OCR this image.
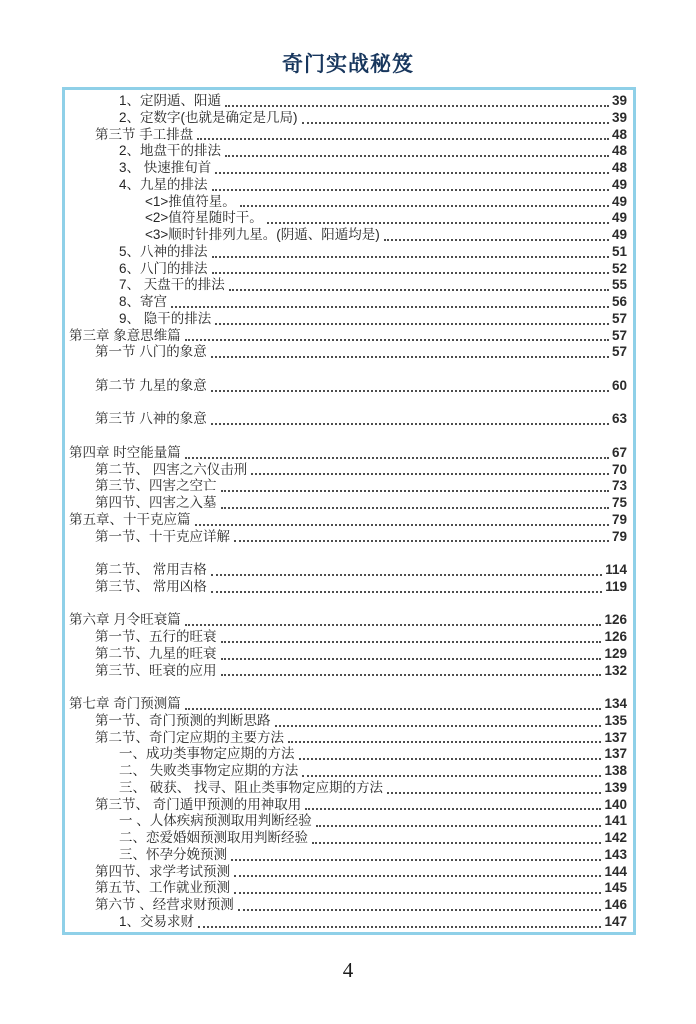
奇门实战秘笈
1、定阴遁、阳遁	39
2、定数字(也就是确定是几局)	39
第三节 手工排盘	48
2、地盘干的排法	48
3、 快速推旬首	48
4、九星的排法	49
<1>推值符星。	49
<2>值符星随时干。	49
<3>顺时针排列九星。(阴遁、阳遁均是)	49
5、八神的排法	51
6、八门的排法	52
7、 天盘干的排法	55
8、寄宫	56
9、 隐干的排法	57
第三章 象意思维篇	57
第一节 八门的象意	57
第二节 九星的象意	60
第三节 八神的象意	63
第四章 时空能量篇	67
第二节、 四害之六仪击刑	70
第三节、四害之空亡	73
第四节、四害之入墓	75
第五章、十干克应篇	79
第一节、十干克应详解	79
第二节、 常用吉格	114
第三节、 常用凶格	119
第六章 月令旺衰篇	126
第一节、五行的旺衰	126
第二节、九星的旺衰	129
第三节、旺衰的应用	132
第七章 奇门预测篇	134
第一节、奇门预测的判断思路	135
第二节、奇门定应期的主要方法	137
一、成功类事物定应期的方法	137
二、 失败类事物定应期的方法	138
三、 破获、 找寻、阻止类事物定应期的方法	139
第三节、 奇门遁甲预测的用神取用	140
一 、人体疾病预测取用判断经验	141
二、恋爱婚姻预测取用判断经验	142
三、怀孕分娩预测	143
第四节、求学考试预测	144
第五节、工作就业预测	145
第六节 、经营求财预测	146
1、交易求财	147
4
